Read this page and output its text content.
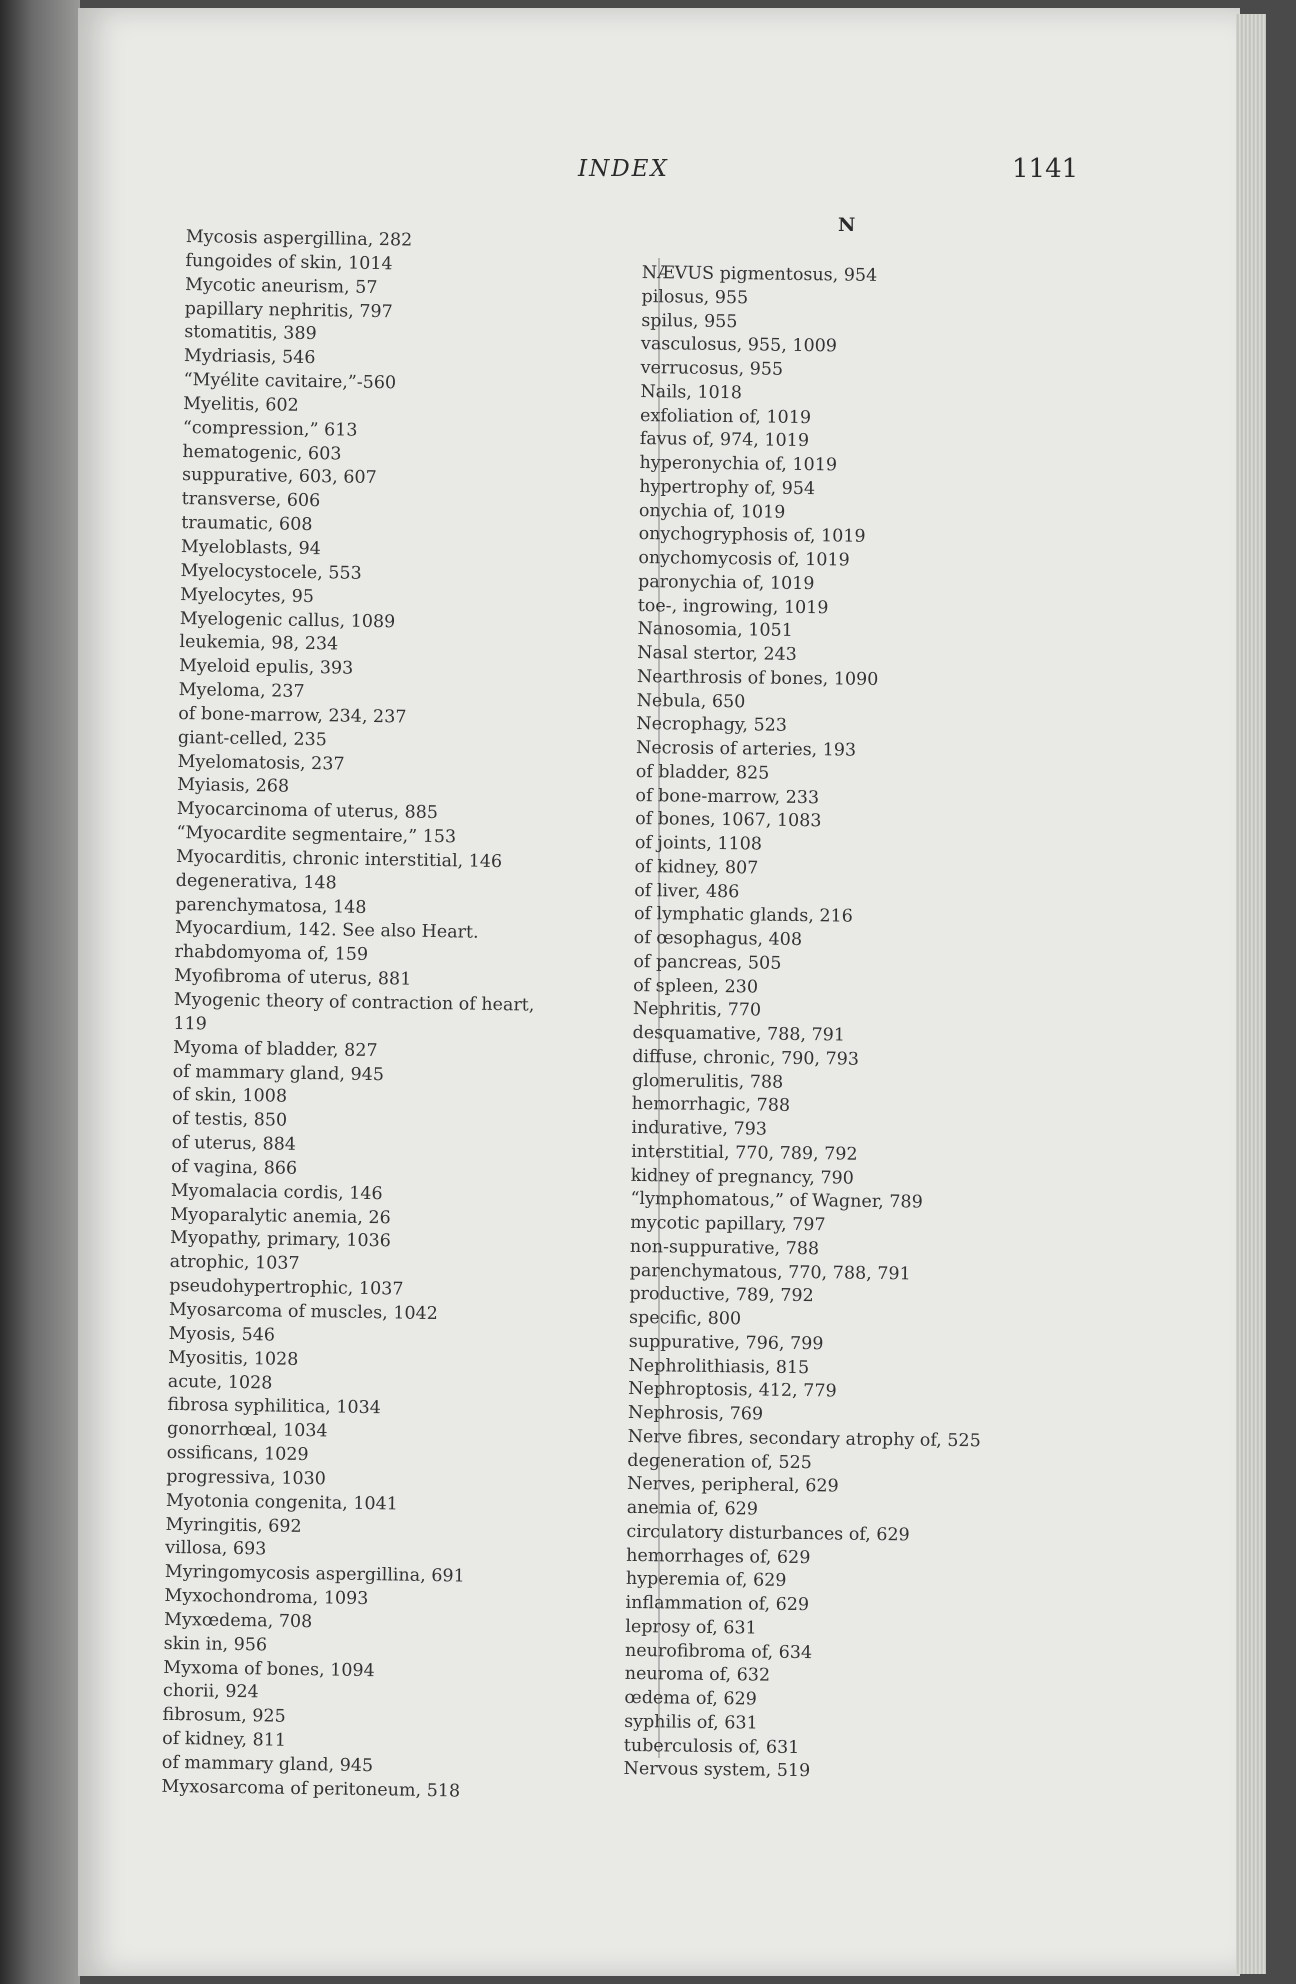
INDEX	1141
N
Mycosis aspergillina, 282
fungoides of skin, 1014
Mycotic aneurism, 57
papillary nephritis, 797
stomatitis, 389
Mydriasis, 546
“Myélite cavitaire,”-560
Myelitis, 602
“compression,” 613
hematogenic, 603
suppurative, 603, 607
transverse, 606
traumatic, 608
Myeloblasts, 94
Myelocystocele, 553
Myelocytes, 95
Myelogenic callus, 1089
leukemia, 98, 234
Myeloid epulis, 393
Myeloma, 237
of bone-marrow, 234, 237
giant-celled, 235
Myelomatosis, 237
Myiasis, 268
Myocarcinoma of uterus, 885
“Myocardite segmentaire,” 153
Myocarditis, chronic interstitial, 146
degenerativa, 148
parenchymatosa, 148
Myocardium, 142. See also Heart.
rhabdomyoma of, 159
Myofibroma of uterus, 881
Myogenic theory of contraction of heart,
119
Myoma of bladder, 827
of mammary gland, 945
of skin, 1008
of testis, 850
of uterus, 884
of vagina, 866
Myomalacia cordis, 146
Myoparalytic anemia, 26
Myopathy, primary, 1036
atrophic, 1037
pseudohypertrophic, 1037
Myosarcoma of muscles, 1042
Myosis, 546
Myositis, 1028
acute, 1028
fibrosa syphilitica, 1034
gonorrhœal, 1034
ossificans, 1029
progressiva, 1030
Myotonia congenita, 1041
Myringitis, 692
villosa, 693
Myringomycosis aspergillina, 691
Myxochondroma, 1093
Myxœdema, 708
skin in, 956
Myxoma of bones, 1094
chorii, 924
fibrosum, 925
of kidney, 811
of mammary gland, 945
Myxosarcoma of peritoneum, 518
NÆVUS pigmentosus, 954
pilosus, 955
spilus, 955
vasculosus, 955, 1009
verrucosus, 955
Nails, 1018
exfoliation of, 1019
favus of, 974, 1019
hyperonychia of, 1019
hypertrophy of, 954
onychia of, 1019
onychogryphosis of, 1019
onychomycosis of, 1019
paronychia of, 1019
toe-, ingrowing, 1019
Nanosomia, 1051
Nasal stertor, 243
Nearthrosis of bones, 1090
Nebula, 650
Necrophagy, 523
Necrosis of arteries, 193
of bladder, 825
of bone-marrow, 233
of bones, 1067, 1083
of joints, 1108
of kidney, 807
of liver, 486
of lymphatic glands, 216
of œsophagus, 408
of pancreas, 505
of spleen, 230
Nephritis, 770
desquamative, 788, 791
diffuse, chronic, 790, 793
glomerulitis, 788
hemorrhagic, 788
indurative, 793
interstitial, 770, 789, 792
kidney of pregnancy, 790
“lymphomatous,” of Wagner, 789
mycotic papillary, 797
non-suppurative, 788
parenchymatous, 770, 788, 791
productive, 789, 792
specific, 800
suppurative, 796, 799
Nephrolithiasis, 815
Nephroptosis, 412, 779
Nephrosis, 769
Nerve fibres, secondary atrophy of, 525
degeneration of, 525
Nerves, peripheral, 629
anemia of, 629
circulatory disturbances of, 629
hemorrhages of, 629
hyperemia of, 629
inflammation of, 629
leprosy of, 631
neurofibroma of, 634
neuroma of, 632
œdema of, 629
syphilis of, 631
tuberculosis of, 631
Nervous system, 519
